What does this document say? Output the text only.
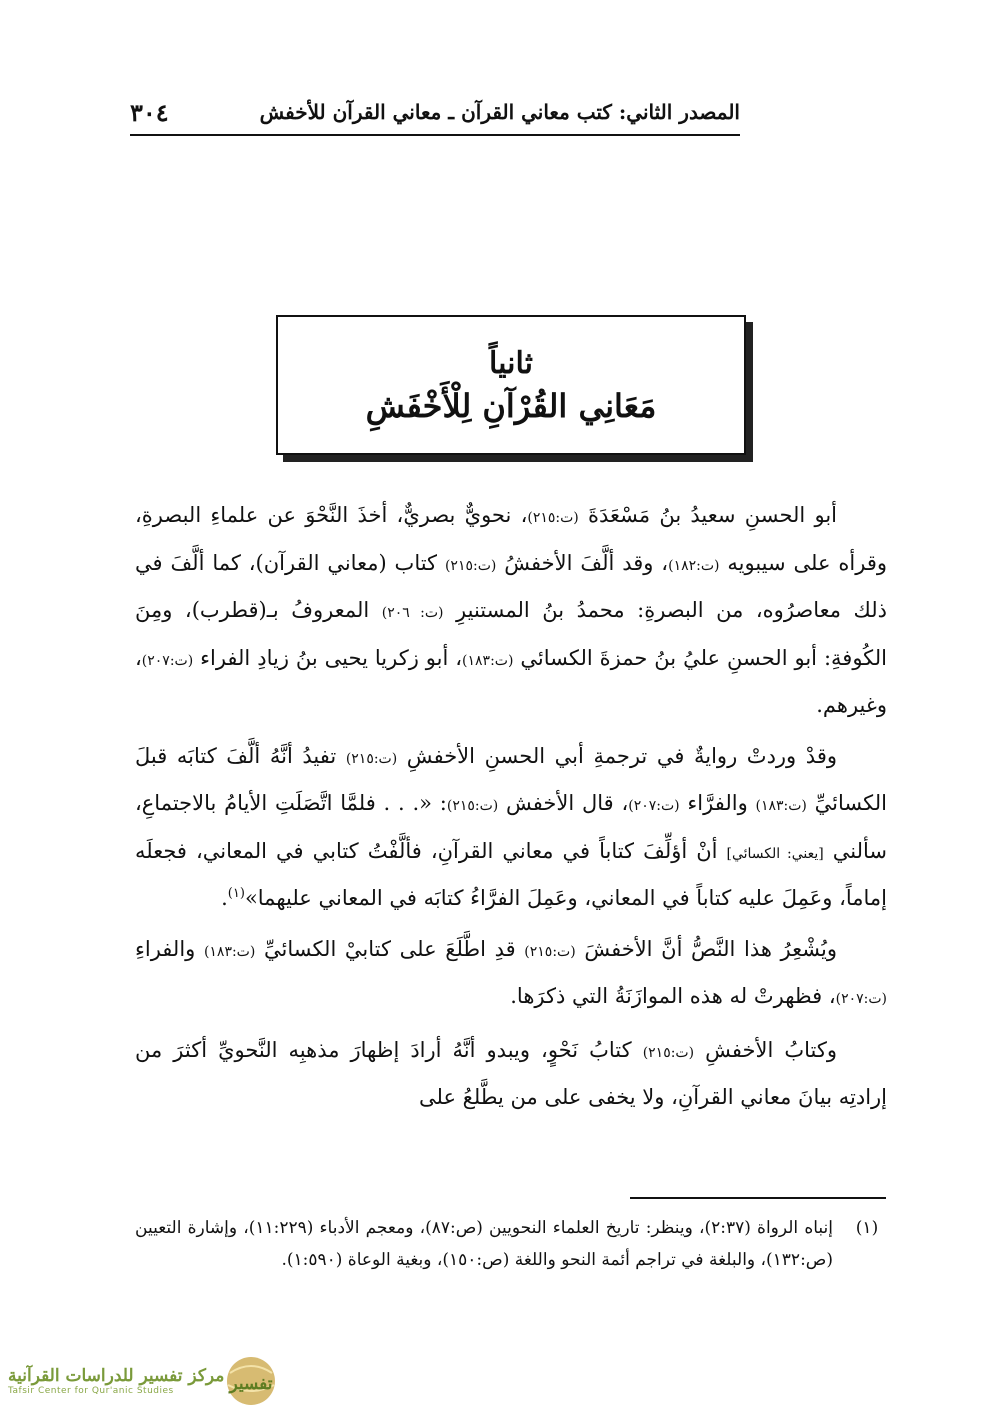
المصدر الثاني: كتب معاني القرآن ـ معاني القرآن للأخفش
٣٠٤
ثانياً
مَعَانِي القُرْآنِ لِلْأَخْفَشِ

أبو الحسنِ سعيدُ بنُ مَسْعَدَةَ (ت:٢١٥)، نحويٌّ بصريٌّ، أخذَ النَّحْوَ عن علماءِ البصرةِ، وقرأه على سيبويه (ت:١٨٢)، وقد ألَّفَ الأخفشُ (ت:٢١٥) كتاب (معاني القرآن)، كما ألَّفَ في ذلك معاصرُوه، من البصرةِ: محمدُ بنُ المستنيرِ (ت: ٢٠٦) المعروفُ بـ(قطرب)، ومِنَ الكُوفةِ: أبو الحسنِ عليُ بنُ حمزةَ الكسائي (ت:١٨٣)، أبو زكريا يحيى بنُ زيادِ الفراء (ت:٢٠٧)، وغيرهم.

وقدْ وردتْ روايةٌ في ترجمةِ أبي الحسنِ الأخفشِ (ت:٢١٥) تفيدُ أنَّهُ ألَّفَ كتابَه قبلَ الكسائيِّ (ت:١٨٣) والفرَّاء (ت:٢٠٧)، قال الأخفش (ت:٢١٥): «. . . فلمَّا اتَّصَلَتِ الأيامُ بالاجتماعِ، سألني [يعني: الكسائي] أنْ أؤلِّفَ كتاباً في معاني القرآنِ، فألَّفْتُ كتابي في المعاني، فجعلَه إماماً، وعَمِلَ عليه كتاباً في المعاني، وعَمِلَ الفرَّاءُ كتابَه في المعاني عليهما»$^{(١)}$.

ويُشْعِرُ هذا النَّصُّ أنَّ الأخفشَ (ت:٢١٥) قدِ اطَّلَعَ على كتابيْ الكسائيِّ (ت:١٨٣) والفراءِ (ت:٢٠٧)، فظهرتْ له هذه الموازَنَةُ التي ذكرَها.

وكتابُ الأخفشِ (ت:٢١٥) كتابُ نَحْوٍ، ويبدو أنَّهُ أرادَ إظهارَ مذهبِه النَّحويِّ أكثرَ من إرادتِه بيانَ معاني القرآنِ، ولا يخفى على من يطَّلعُ على

(١)
إنباه الرواة (٢:٣٧)، وينظر: تاريخ العلماء النحويين (ص:٨٧)، ومعجم الأدباء (١١:٢٢٩)، وإشارة التعيين (ص:١٣٢)، والبلغة في تراجم أئمة النحو واللغة (ص:١٥٠)، وبغية الوعاة (١:٥٩٠).
مركز تفسير للدراسات القرآنية
Tafsir Center for Qur'anic Studies	تفسير
